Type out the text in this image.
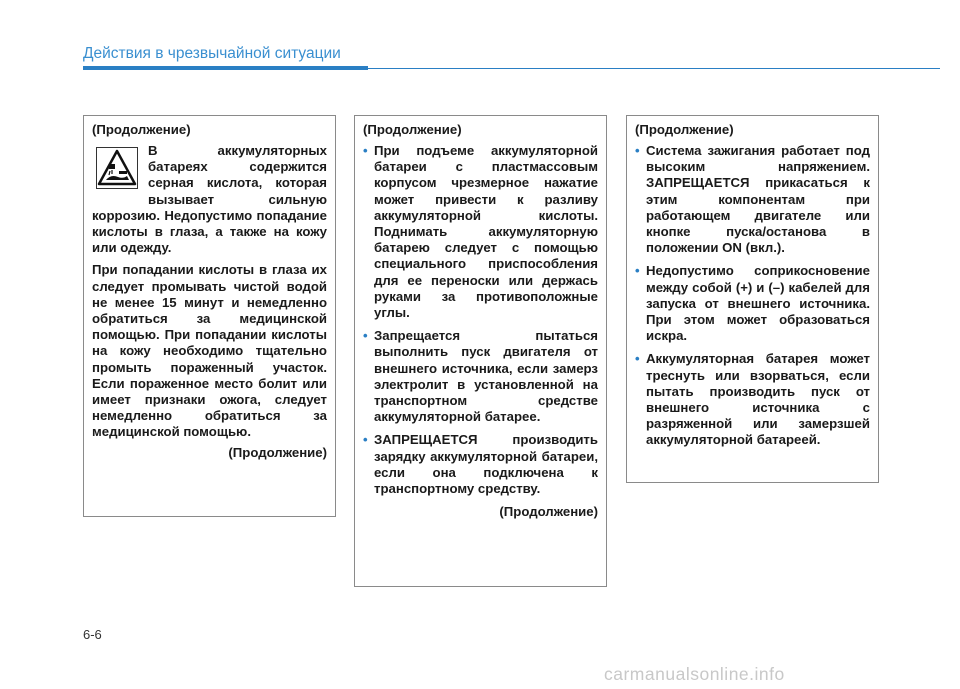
Действия в чрезвычайной ситуации

(Продолжение)

В аккумуляторных батареях содержится серная кислота, которая вызывает сильную коррозию. Недопустимо попадание кислоты в глаза, а также на кожу или одежду.

При попадании кислоты в глаза их следует промывать чистой водой не менее 15 минут и немедленно обратиться за медицинской помощью. При попадании кислоты на кожу необходимо тщательно промыть пораженный участок. Если пораженное место болит или имеет признаки ожога, следует немедленно обратиться за медицинской помощью.

(Продолжение)

(Продолжение)

• При подъеме аккумуляторной батареи с пластмассовым корпусом чрезмерное нажатие может привести к разливу аккумуляторной кислоты. Поднимать аккумуляторную батарею следует с помощью специального приспособления для ее переноски или держась руками за противоположные углы.
• Запрещается пытаться выполнить пуск двигателя от внешнего источника, если замерз электролит в установленной на транспортном средстве аккумуляторной батарее.
• ЗАПРЕЩАЕТСЯ производить зарядку аккумуляторной батареи, если она подключена к транспортному средству.

(Продолжение)

(Продолжение)

• Система зажигания работает под высоким напряжением. ЗАПРЕЩАЕТСЯ прикасаться к этим компонентам при работающем двигателе или кнопке пуска/останова в положении ON (вкл.).
• Недопустимо соприкосновение между собой (+) и (–) кабелей для запуска от внешнего источника. При этом может образоваться искра.
• Аккумуляторная батарея может треснуть или взорваться, если пытать производить пуск от внешнего источника с разряженной или замерзшей аккумуляторной батареей.
6-6
carmanualsonline.info
